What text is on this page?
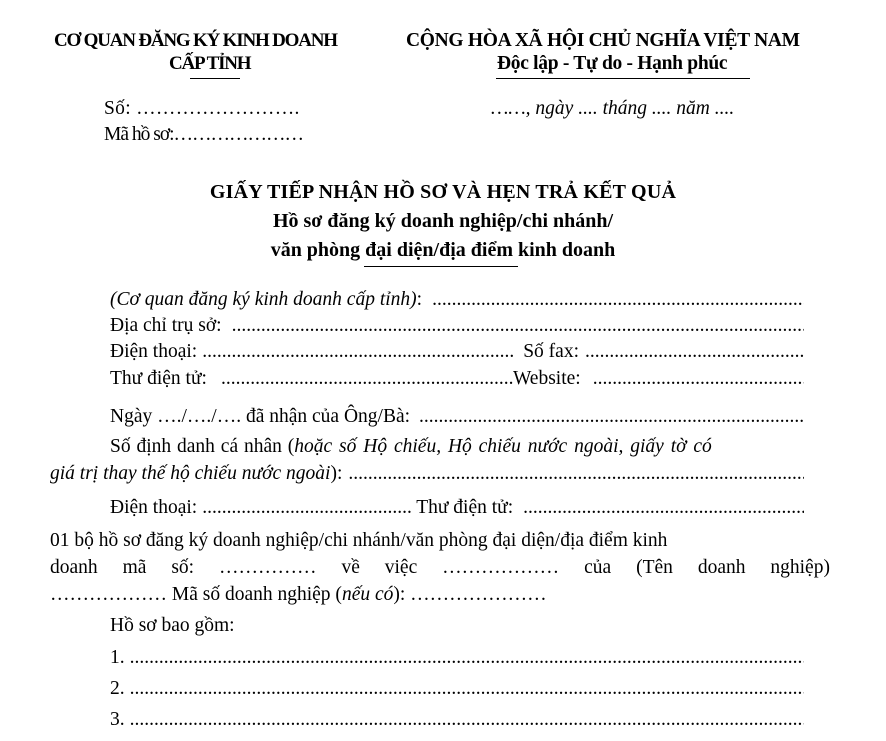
CƠ QUAN ĐĂNG KÝ KINH DOANH
CẤP TỈNH
Số: …………………….
Mã hồ sơ:…………………
CỘNG HÒA XÃ HỘI CHỦ NGHĨA VIỆT NAM
Độc lập - Tự do - Hạnh phúc
……, ngày .... tháng .... năm ....
GIẤY TIẾP NHẬN HỒ SƠ VÀ HẸN TRẢ KẾT QUẢ
Hồ sơ đăng ký doanh nghiệp/chi nhánh/
văn phòng đại diện/địa điểm kinh doanh
(Cơ quan đăng ký kinh doanh cấp tỉnh) :
.....
Địa chỉ trụ sở:
.....
Điện thoại: .....	Số fax:
.....
Thư điện tử: .....	Website:
.....
Ngày …./…./…. đã nhận của Ông/Bà:
.....
Số định danh cá nhân (hoặc số Hộ chiếu, Hộ chiếu nước ngoài, giấy tờ có
giá trị thay thế hộ chiếu nước ngoài ):
.....
Điện thoại: .....	Thư điện tử:
.....
01 bộ hồ sơ đăng ký doanh nghiệp/chi nhánh/văn phòng đại diện/địa điểm kinh
doanh mã số: …………… về việc ……………… của (Tên doanh nghiệp)
……………… Mã số doanh nghiệp (nếu có): …………………
Hồ sơ bao gồm:
1.
.....
2.
.....
3.
.....
